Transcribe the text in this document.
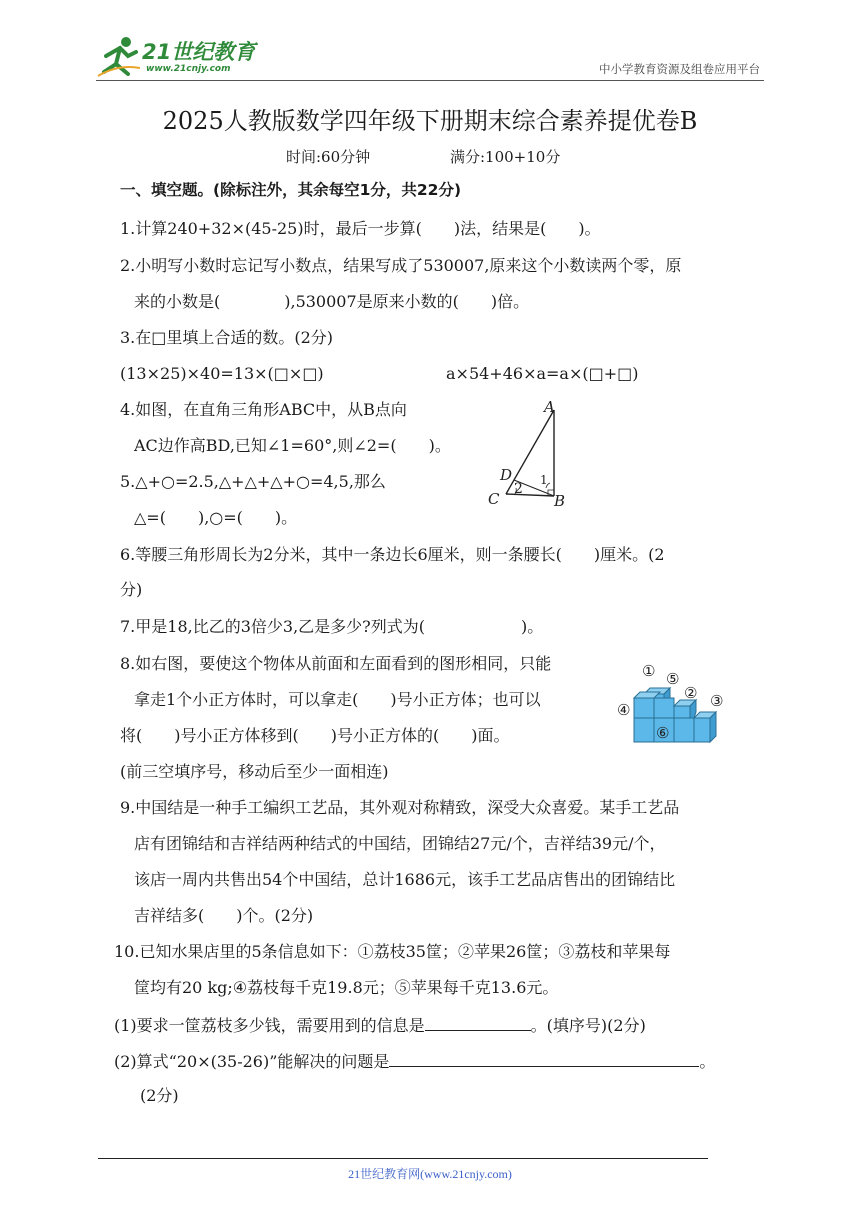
21世纪教育
www.21cnjy.com	中小学教育资源及组卷应用平台
2025人教版数学四年级下册期末综合素养提优卷B
时间:60分钟	满分:100+10分
一、填空题。(除标注外，其余每空1分，共22分)
1.计算240+32×(45-25)时，最后一步算(　　)法，结果是(　　)。
2.小明写小数时忘记写小数点，结果写成了530007,原来这个小数读两个零，原
来的小数是(　　　　),530007是原来小数的(　　)倍。
3.在□里填上合适的数。(2分)
(13×25)×40=13×(□×□)	a×54+46×a=a×(□+□)
4.如图，在直角三角形ABC中，从B点向
AC边作高BD,已知∠1=60°,则∠2=(　　)。
A
B
C
D 1
2
5.△+○=2.5,△+△+△+○=4,5,那么
△=(　　),○=(　　)。
6.等腰三角形周长为2分米，其中一条边长6厘米，则一条腰长(　　)厘米。(2
分)
7.甲是18,比乙的3倍少3,乙是多少?列式为(　　　　　　)。
8.如右图，要使这个物体从前面和左面看到的图形相同，只能
拿走1个小正方体时，可以拿走(　　)号小正方体；也可以
将(　　)号小正方体移到(　　)号小正方体的(　　)面。
(前三空填序号，移动后至少一面相连)
① ⑤
② ③
④
⑥
9.中国结是一种手工编织工艺品，其外观对称精致，深受大众喜爱。某手工艺品
店有团锦结和吉祥结两种结式的中国结，团锦结27元/个，吉祥结39元/个，
该店一周内共售出54个中国结，总计1686元，该手工艺品店售出的团锦结比
吉祥结多(　　)个。(2分)
10.已知水果店里的5条信息如下：①荔枝35筐；②苹果26筐；③荔枝和苹果每
筐均有20 kg;④荔枝每千克19.8元；⑤苹果每千克13.6元。
(1)要求一筐荔枝多少钱，需要用到的信息是	。(填序号)(2分)
(2)算式“20×(35-26)”能解决的问题是	。
(2分)
21世纪教育网(www.21cnjy.com)
